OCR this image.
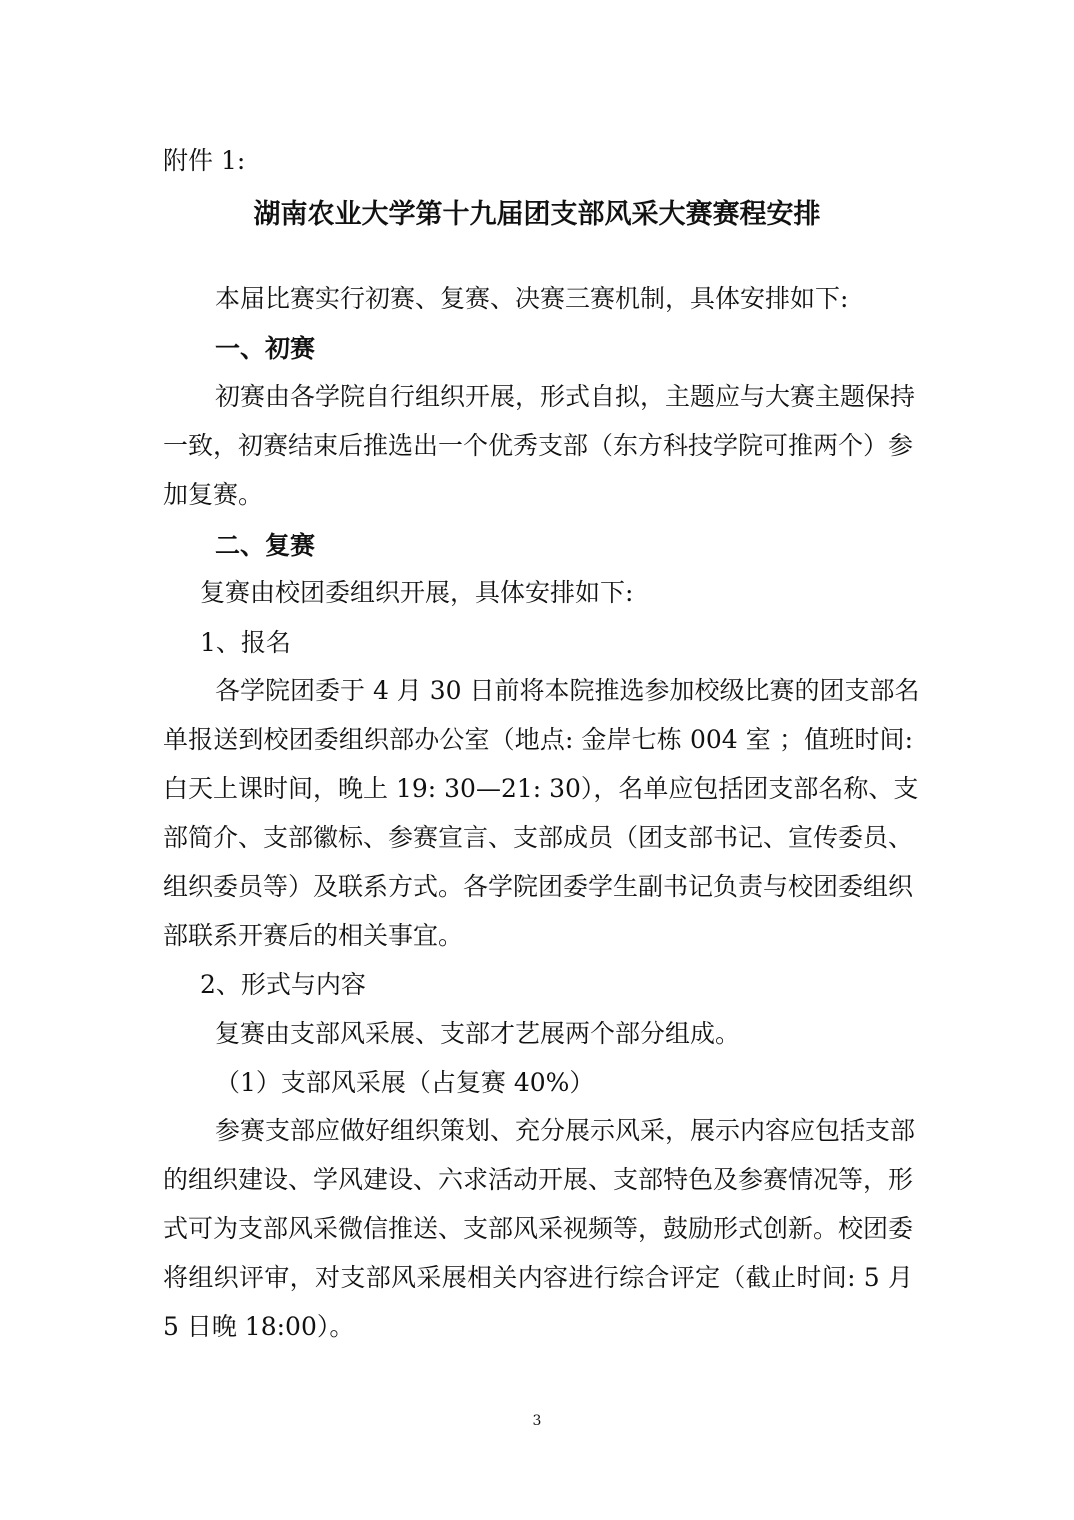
附件 1:
湖南农业大学第十九届团支部风采大赛赛程安排
本届比赛实行初赛、复赛、决赛三赛机制，具体安排如下:
一、初赛
初赛由各学院自行组织开展，形式自拟，主题应与大赛主题保持
一致，初赛结束后推选出一个优秀支部（东方科技学院可推两个）参
加复赛。
二、复赛
复赛由校团委组织开展，具体安排如下:
1、报名
各学院团委于 4 月 30 日前将本院推选参加校级比赛的团支部名
单报送到校团委组织部办公室（地点: 金岸七栋 004 室 ；值班时间:
白天上课时间，晚上 19: 30—21: 30），名单应包括团支部名称、支
部简介、支部徽标、参赛宣言、支部成员（团支部书记、宣传委员、
组织委员等）及联系方式。各学院团委学生副书记负责与校团委组织
部联系开赛后的相关事宜。
2、形式与内容
复赛由支部风采展、支部才艺展两个部分组成。
（1）支部风采展（占复赛 40%）
参赛支部应做好组织策划、充分展示风采，展示内容应包括支部
的组织建设、学风建设、六求活动开展、支部特色及参赛情况等，形
式可为支部风采微信推送、支部风采视频等，鼓励形式创新。校团委
将组织评审，对支部风采展相关内容进行综合评定（截止时间: 5 月
5 日晚 18:00）。
3
